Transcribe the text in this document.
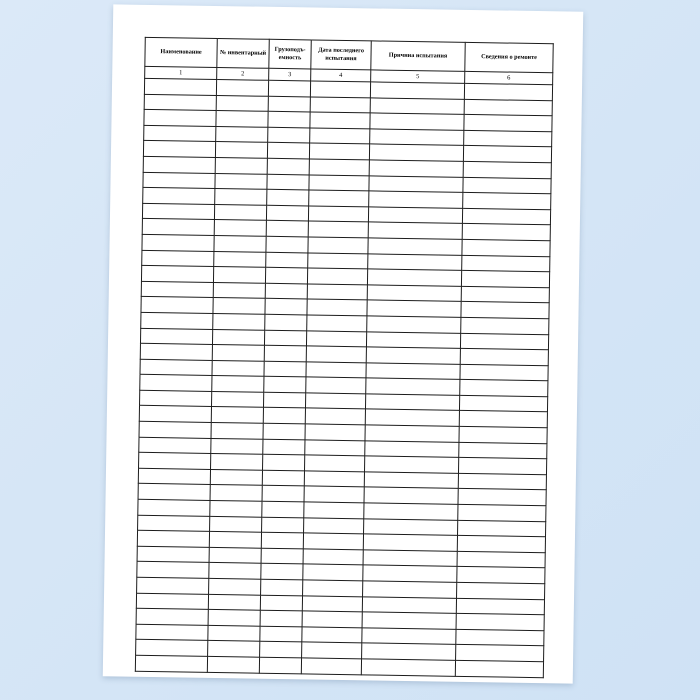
Наименование	№ инвентарный	Грузоподъ-емность	Дата последнего испытания	Причина испытания	Сведения о ремонте
1	2	3	4	5	6
